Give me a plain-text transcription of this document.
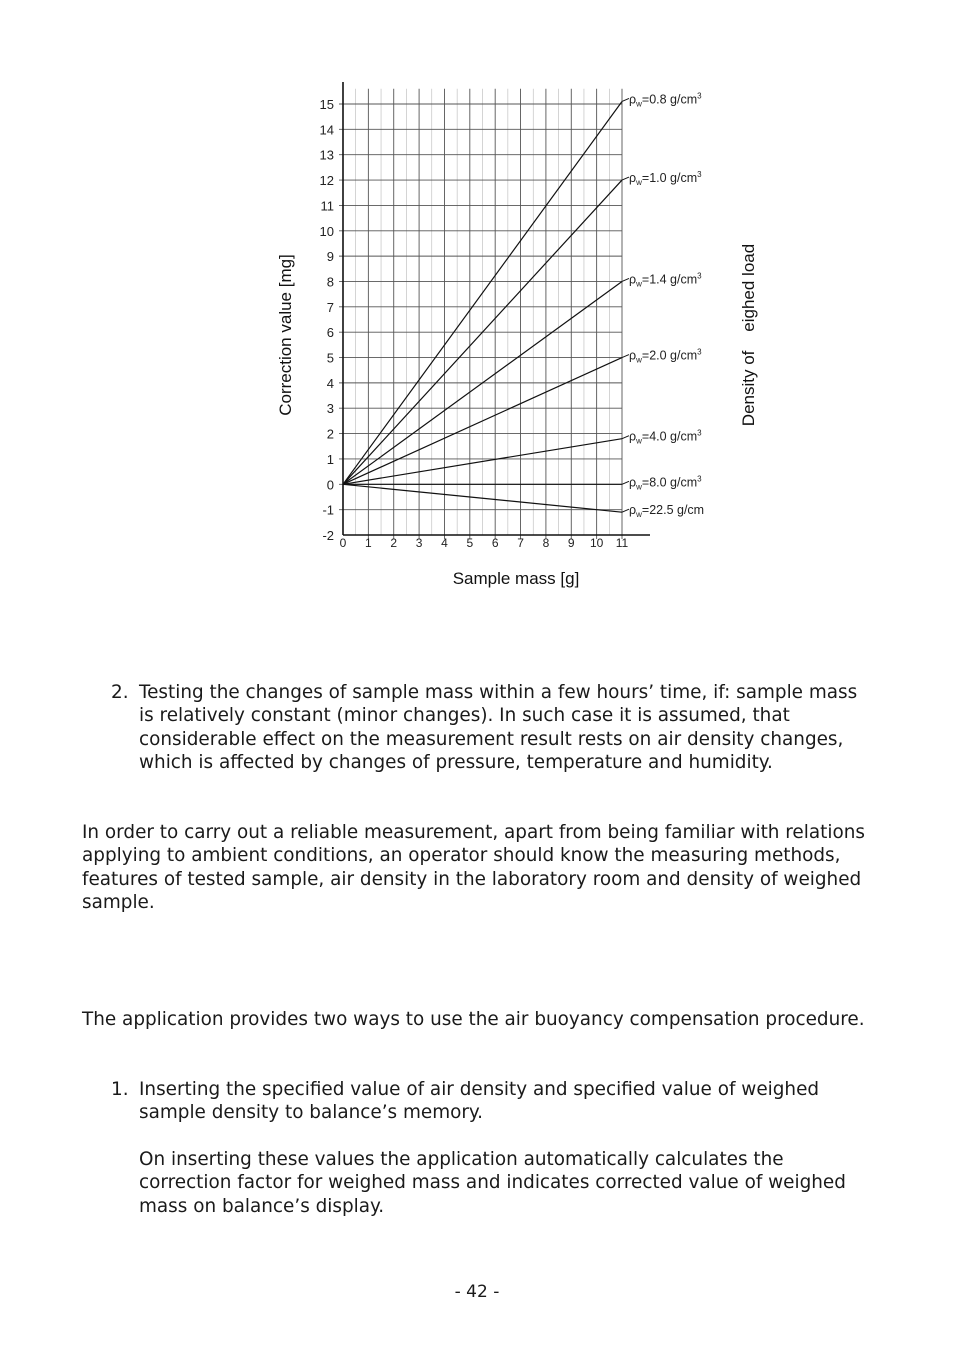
-2
-1
0
1
2
3
4
5
6
7
8
9
10
11
12
13
14
15
0 1 2 3 4 5 6 7 8 9 10 11
$\rho_w=0.8$ $g/cm^3$
$\rho_w=1.0$ $g/cm^3$
$\rho_w=1.4$ $g/cm^3$
$\rho_w=2.0$ $g/cm^3$
$\rho_w=4.0$ $g/cm^3$
$\rho_w=8.0$ $g/cm^3$
$\rho_w=22.5$ g/cm
Sample mass [g]
Correction value [mg]	Density of    eighed load
2. Testing the changes of sample mass within a few hours’ time, if: sample mass is relatively constant (minor changes). In such case it is assumed, that considerable effect on the measurement result rests on air density changes, which is affected by changes of pressure, temperature and humidity.

In order to carry out a reliable measurement, apart from being familiar with relations applying to ambient conditions, an operator should know the measuring methods, features of tested sample, air density in the laboratory room and density of weighed sample.

The application provides two ways to use the air buoyancy compensation procedure.

1. Inserting the specified value of air density and specified value of weighed sample density to balance’s memory.

On inserting these values the application automatically calculates the correction factor for weighed mass and indicates corrected value of weighed mass on balance’s display.

- 42 -
